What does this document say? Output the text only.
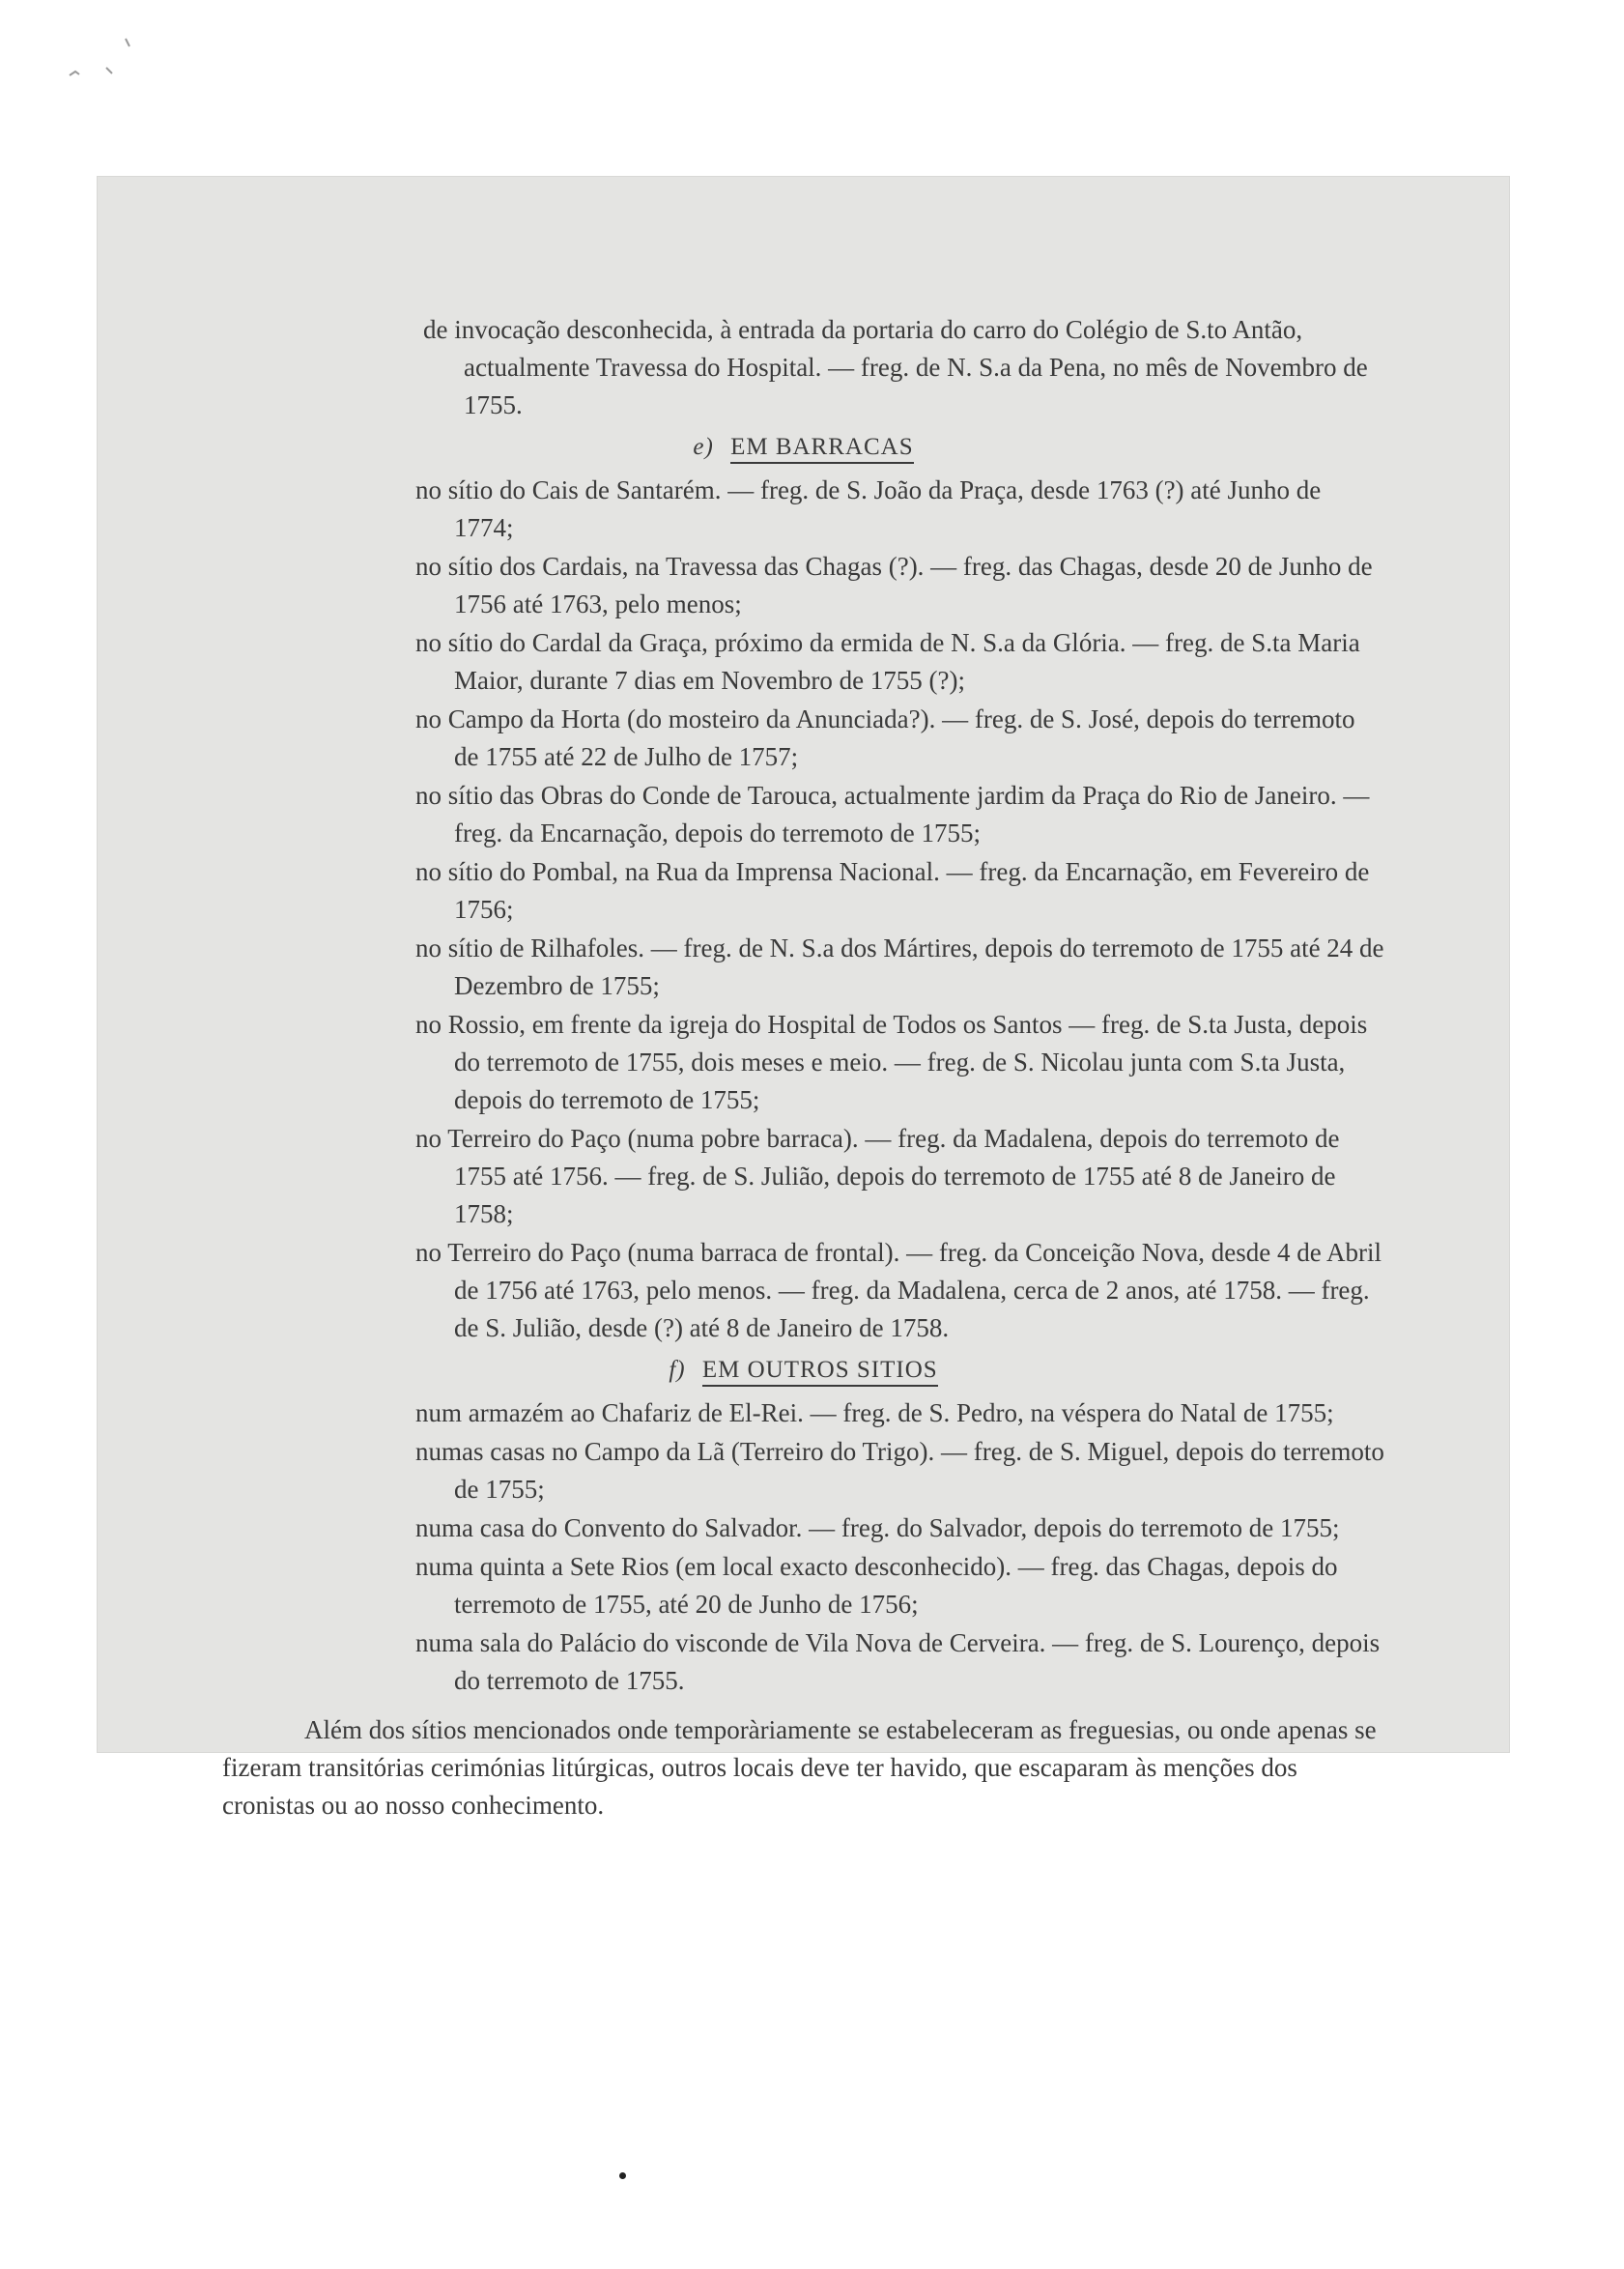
de invocação desconhecida, à entrada da portaria do carro do Colégio de S.to Antão, actualmente Travessa do Hospital. — freg. de N. S.a da Pena, no mês de Novembro de 1755.

e) EM BARRACAS

no sítio do Cais de Santarém. — freg. de S. João da Praça, desde 1763 (?) até Junho de 1774;

no sítio dos Cardais, na Travessa das Chagas (?). — freg. das Chagas, desde 20 de Junho de 1756 até 1763, pelo menos;

no sítio do Cardal da Graça, próximo da ermida de N. S.a da Glória. — freg. de S.ta Maria Maior, durante 7 dias em Novembro de 1755 (?);

no Campo da Horta (do mosteiro da Anunciada?). — freg. de S. José, depois do terremoto de 1755 até 22 de Julho de 1757;

no sítio das Obras do Conde de Tarouca, actualmente jardim da Praça do Rio de Janeiro. — freg. da Encarnação, depois do terremoto de 1755;

no sítio do Pombal, na Rua da Imprensa Nacional. — freg. da Encarnação, em Fevereiro de 1756;

no sítio de Rilhafoles. — freg. de N. S.a dos Mártires, depois do terremoto de 1755 até 24 de Dezembro de 1755;

no Rossio, em frente da igreja do Hospital de Todos os Santos — freg. de S.ta Justa, depois do terremoto de 1755, dois meses e meio. — freg. de S. Nicolau junta com S.ta Justa, depois do terremoto de 1755;

no Terreiro do Paço (numa pobre barraca). — freg. da Madalena, depois do terremoto de 1755 até 1756. — freg. de S. Julião, depois do terremoto de 1755 até 8 de Janeiro de 1758;

no Terreiro do Paço (numa barraca de frontal). — freg. da Conceição Nova, desde 4 de Abril de 1756 até 1763, pelo menos. — freg. da Madalena, cerca de 2 anos, até 1758. — freg. de S. Julião, desde (?) até 8 de Janeiro de 1758.

f) EM OUTROS SITIOS

num armazém ao Chafariz de El-Rei. — freg. de S. Pedro, na véspera do Natal de 1755;

numas casas no Campo da Lã (Terreiro do Trigo). — freg. de S. Miguel, depois do terremoto de 1755;

numa casa do Convento do Salvador. — freg. do Salvador, depois do terremoto de 1755;

numa quinta a Sete Rios (em local exacto desconhecido). — freg. das Chagas, depois do terremoto de 1755, até 20 de Junho de 1756;

numa sala do Palácio do visconde de Vila Nova de Cerveira. — freg. de S. Lourenço, depois do terremoto de 1755.

Além dos sítios mencionados onde temporàriamente se estabeleceram as freguesias, ou onde apenas se fizeram transitórias cerimónias litúrgicas, outros locais deve ter havido, que escaparam às menções dos cronistas ou ao nosso conhecimento.
